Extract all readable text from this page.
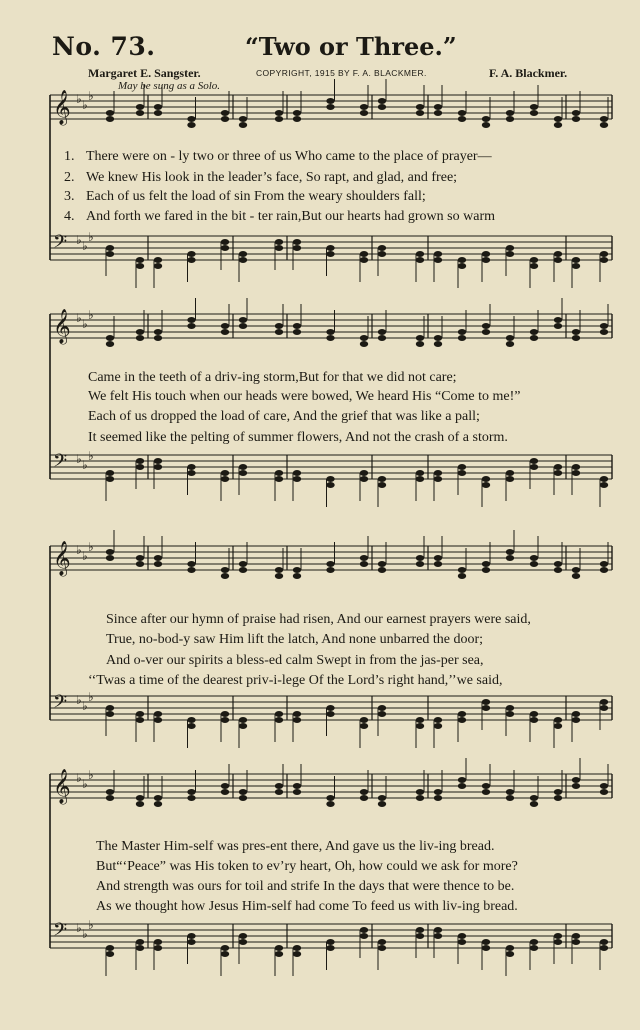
No. 73.	“Two or Three.”
Margaret E. Sangster.	COPYRIGHT, 1915 BY F. A. BLACKMER.	F. A. Blackmer.
May be sung as a Solo.
𝄞 ♭ ♭
♭
𝄢 ♭ ♭
♭
𝄞 ♭ ♭
♭
𝄢 ♭ ♭
♭
𝄞 ♭ ♭
♭
𝄢 ♭ ♭
♭
𝄞 ♭ ♭
♭
𝄢 ♭ ♭
♭
1. There were on - ly two or three of us Who came to the place of prayer—
2. We knew His look in the leader’s face, So rapt, and glad, and free;
3. Each of us felt the load of sin From the weary shoulders fall;
4. And forth we fared in the bit - ter rain,But our hearts had grown so warm
Came in the teeth of a driv-ing storm,But for that we did not care;
We felt His touch when our heads were bowed, We heard His “Come to me!”
Each of us dropped the load of care, And the grief that was like a pall;
It seemed like the pelting of summer flowers, And not the crash of a storm.
Since after our hymn of praise had risen, And our earnest prayers were said,
True, no-bod-y saw Him lift the latch, And none unbarred the door;
And o-ver our spirits a bless-ed calm Swept in from the jas-per sea,
‘‘Twas a time of the dearest priv-i-lege Of the Lord’s right hand,’’we said,
The Master Him-self was pres-ent there, And gave us the liv-ing bread.
But“‘Peace” was His token to ev’ry heart, Oh, how could we ask for more?
And strength was ours for toil and strife In the days that were thence to be.
As we thought how Jesus Him-self had come To feed us with liv-ing bread.
